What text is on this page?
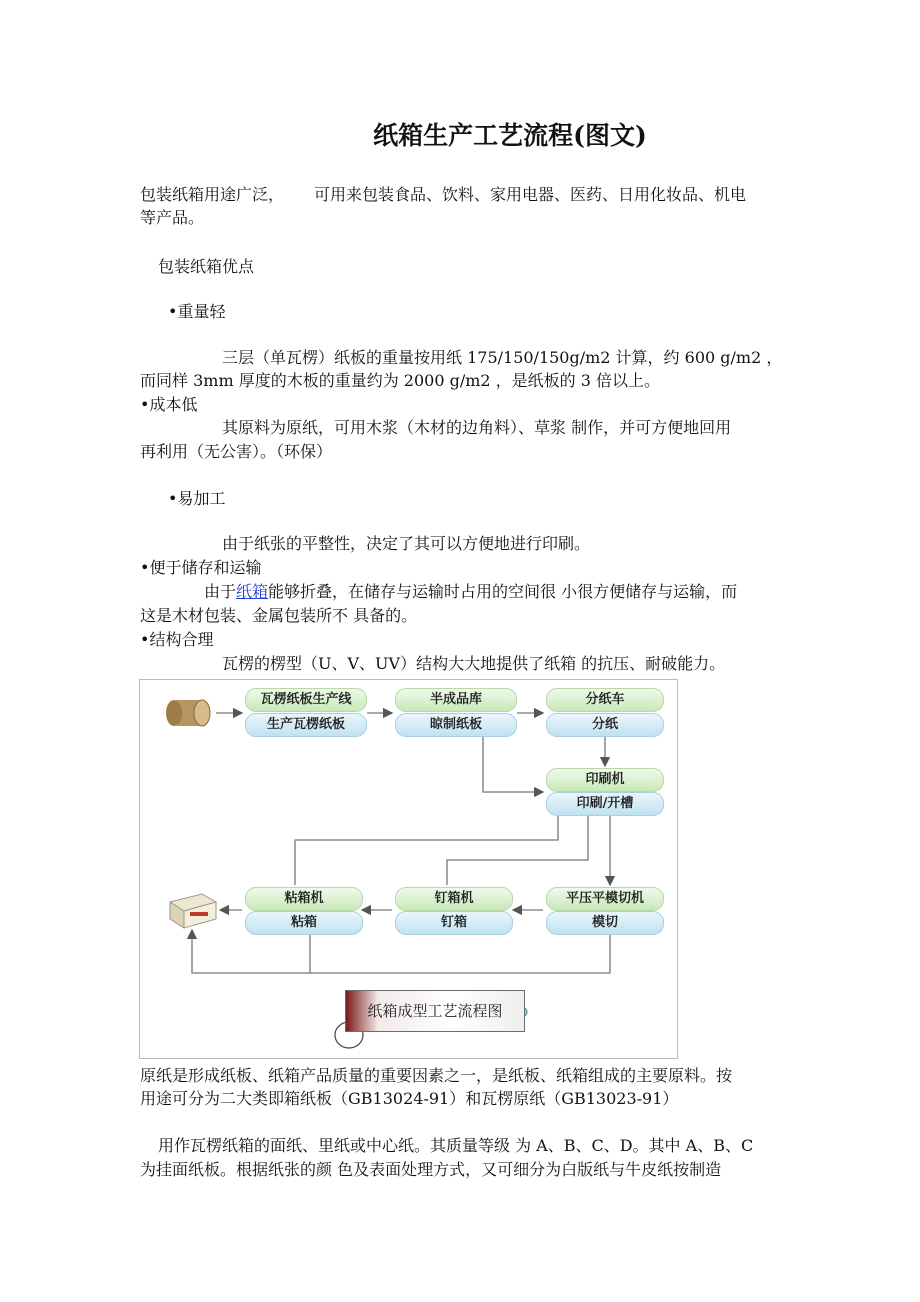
纸箱生产工艺流程(图文)
包装纸箱用途广泛， 可用来包装食品、饮料、家用电器、医药、日用化妆品、机电
等产品。
包装纸箱优点
•重量轻
三层（单瓦楞）纸板的重量按用纸 175/150/150g/m2 计算，约 600 g/m2 ，
而同样 3mm 厚度的木板的重量约为 2000 g/m2 ，是纸板的 3 倍以上。
•成本低
其原料为原纸，可用木浆（木材的边角料）、草浆 制作，并可方便地回用
再利用（无公害）。（环保）
•易加工
由于纸张的平整性，决定了其可以方便地进行印刷。
•便于储存和运输
由于纸箱能够折叠，在储存与运输时占用的空间很 小很方便储存与运输，而
这是木材包装、金属包装所不 具备的。
•结构合理
瓦楞的楞型（U、V、UV）结构大大地提供了纸箱 的抗压、耐破能力。
瓦楞纸板生产线
生产瓦楞纸板
半成品库
晾制纸板
分纸车
分纸
印刷机
印刷/开槽
平压平模切机
模切
钉箱机
钉箱
粘箱机
粘箱
纸箱成型工艺流程图
原纸是形成纸板、纸箱产品质量的重要因素之一，是纸板、纸箱组成的主要原料。按
用途可分为二大类即箱纸板（GB13024-91）和瓦楞原纸（GB13023-91）
用作瓦楞纸箱的面纸、里纸或中心纸。其质量等级 为 A、B、C、D。其中 A、B、C
为挂面纸板。根据纸张的颜 色及表面处理方式，又可细分为白版纸与牛皮纸按制造
